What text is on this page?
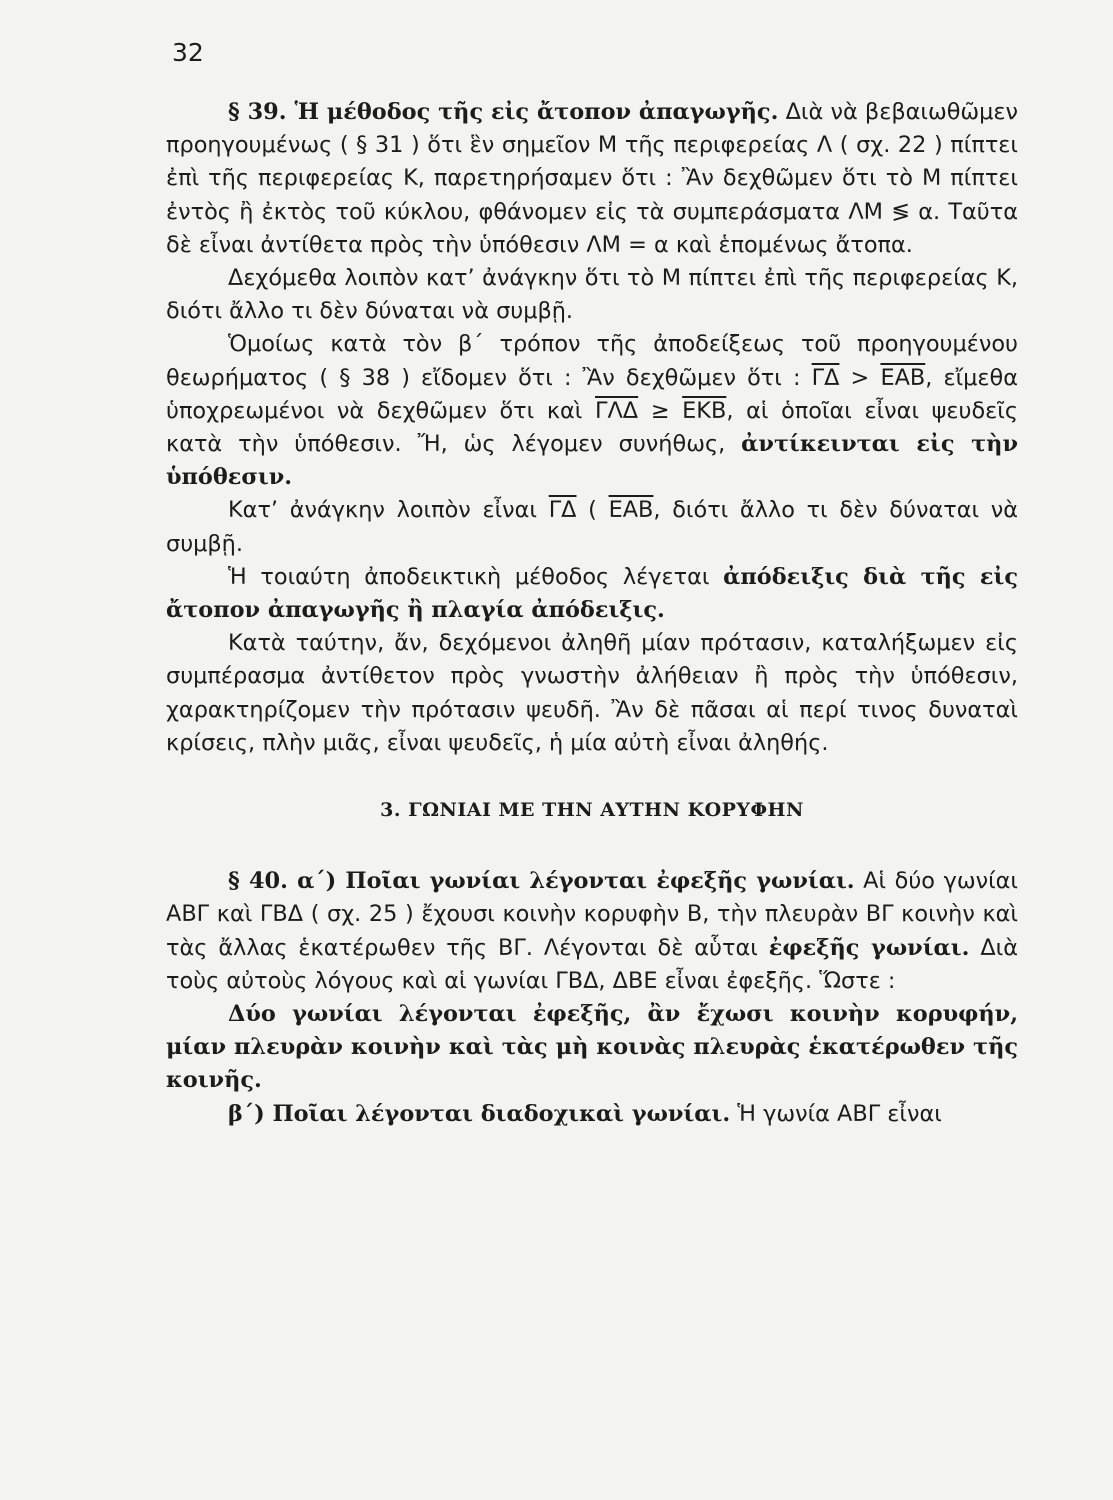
32

§ 39. Ἡ μέθοδος τῆς εἰς ἄτοπον ἀπαγωγῆς. Διὰ νὰ βεβαιωθῶμεν προηγουμένως ( § 31 ) ὅτι ἓν σημεῖον Μ τῆς περιφερείας Λ ( σχ. 22 ) πίπτει ἐπὶ τῆς περιφερείας Κ, παρετηρήσαμεν ὅτι : Ἂν δεχθῶμεν ὅτι τὸ Μ πίπτει ἐντὸς ἢ ἐκτὸς τοῦ κύκλου, φθάνομεν εἰς τὰ συμπεράσματα ΛΜ ≶ α. Ταῦτα δὲ εἶναι ἀντίθετα πρὸς τὴν ὑπόθεσιν ΛΜ = α καὶ ἑπομένως ἄτοπα.

Δεχόμεθα λοιπὸν κατ’ ἀνάγκην ὅτι τὸ Μ πίπτει ἐπὶ τῆς περιφερείας Κ, διότι ἄλλο τι δὲν δύναται νὰ συμβῇ.

Ὁμοίως κατὰ τὸν β΄ τρόπον τῆς ἀποδείξεως τοῦ προηγουμένου θεωρήματος ( § 38 ) εἴδομεν ὅτι : Ἂν δεχθῶμεν ὅτι : $\overline{\Gamma\Delta} > \overline{EAB}$, εἴμεθα ὑποχρεωμένοι νὰ δεχθῶμεν ὅτι καὶ $\overline{\Gamma\Lambda\Delta} \ge \overline{EKB}$, αἱ ὁποῖαι εἶναι ψευδεῖς κατὰ τὴν ὑπόθεσιν. Ἤ, ὡς λέγομεν συνήθως, ἀντίκεινται εἰς τὴν ὑπόθεσιν.

Κατ’ ἀνάγκην λοιπὸν εἶναι $\overline{\Gamma\Delta}$ ( $\overline{EAB}$, διότι ἄλλο τι δὲν δύναται νὰ συμβῇ.

Ἡ τοιαύτη ἀποδεικτικὴ μέθοδος λέγεται ἀπόδειξις διὰ τῆς εἰς ἄτοπον ἀπαγωγῆς ἢ πλαγία ἀπόδειξις.

Κατὰ ταύτην, ἄν, δεχόμενοι ἀληθῆ μίαν πρότασιν, καταλήξωμεν εἰς συμπέρασμα ἀντίθετον πρὸς γνωστὴν ἀλήθειαν ἢ πρὸς τὴν ὑπόθεσιν, χαρακτηρίζομεν τὴν πρότασιν ψευδῆ. Ἂν δὲ πᾶσαι αἱ περί τινος δυναταὶ κρίσεις, πλὴν μιᾶς, εἶναι ψευδεῖς, ἡ μία αὐτὴ εἶναι ἀληθής.

3. ΓΩΝΙΑΙ ΜΕ ΤΗΝ ΑΥΤΗΝ ΚΟΡΥΦΗΝ

§ 40. α΄) Ποῖαι γωνίαι λέγονται ἐφεξῆς γωνίαι. Αἱ δύο γωνίαι ΑΒΓ καὶ ΓΒΔ ( σχ. 25 ) ἔχουσι κοινὴν κορυφὴν Β, τὴν πλευρὰν ΒΓ κοινὴν καὶ τὰς ἄλλας ἑκατέρωθεν τῆς ΒΓ. Λέγονται δὲ αὗται ἐφεξῆς γωνίαι. Διὰ τοὺς αὐτοὺς λόγους καὶ αἱ γωνίαι ΓΒΔ, ΔΒΕ εἶναι ἐφεξῆς. Ὥστε :

Δύο γωνίαι λέγονται ἐφεξῆς, ἂν ἔχωσι κοινὴν κορυφήν, μίαν πλευρὰν κοινὴν καὶ τὰς μὴ κοινὰς πλευρὰς ἑκατέρωθεν τῆς κοινῆς.

β΄) Ποῖαι λέγονται διαδοχικαὶ γωνίαι. Ἡ γωνία ΑΒΓ εἶναι
